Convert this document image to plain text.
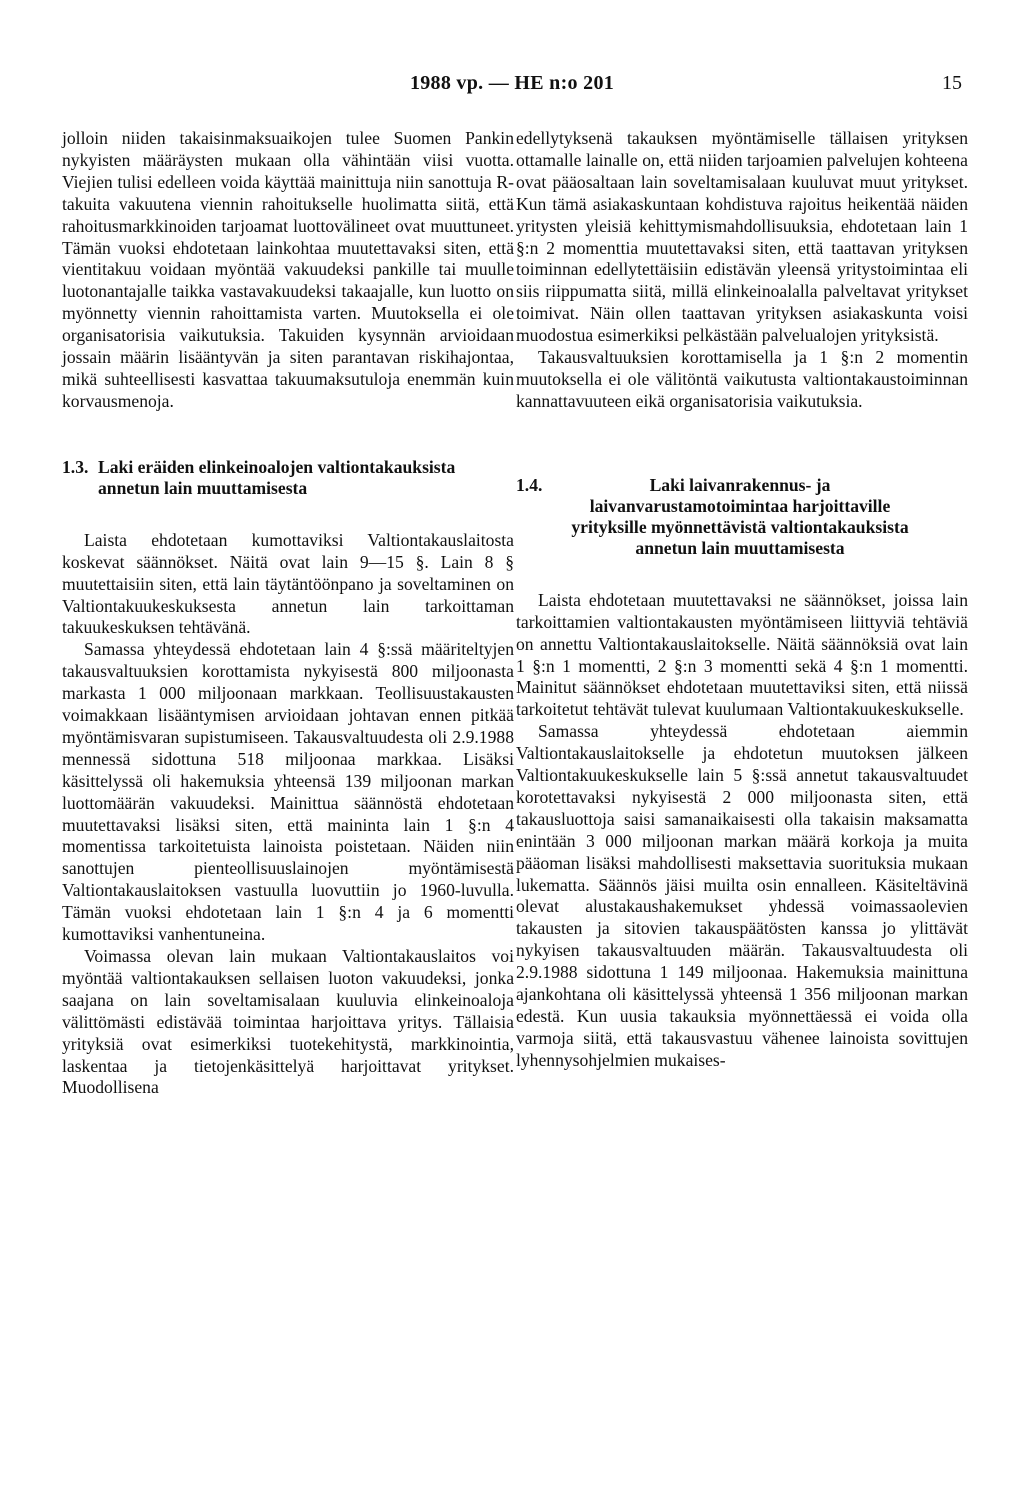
1988 vp. — HE n:o 201	15

jolloin niiden takaisinmaksuaikojen tulee Suomen Pankin nykyisten määräysten mukaan olla vähintään viisi vuotta. Viejien tulisi edelleen voida käyttää mainittuja niin sanottuja R-takuita vakuutena viennin rahoitukselle huolimatta siitä, että rahoitusmarkkinoiden tarjoamat luottovälineet ovat muuttuneet. Tämän vuoksi ehdotetaan lainkohtaa muutettavaksi siten, että vientitakuu voidaan myöntää vakuudeksi pankille tai muulle luotonantajalle taikka vastavakuudeksi takaajalle, kun luotto on myönnetty viennin rahoittamista varten. Muutoksella ei ole organisatorisia vaikutuksia. Takuiden kysynnän arvioidaan jossain määrin lisääntyvän ja siten parantavan riskihajontaa, mikä suhteellisesti kasvattaa takuumaksutuloja enemmän kuin korvausmenoja.

1.3. Laki eräiden elinkeinoalojen valtiontakauksista annetun lain muuttamisesta

Laista ehdotetaan kumottaviksi Valtiontakauslaitosta koskevat säännökset. Näitä ovat lain 9—15 §. Lain 8 § muutettaisiin siten, että lain täytäntöönpano ja soveltaminen on Valtiontakuukeskuksesta annetun lain tarkoittaman takuukeskuksen tehtävänä.

Samassa yhteydessä ehdotetaan lain 4 §:ssä määriteltyjen takausvaltuuksien korottamista nykyisestä 800 miljoonasta markasta 1 000 miljoonaan markkaan. Teollisuustakausten voimakkaan lisääntymisen arvioidaan johtavan ennen pitkää myöntämisvaran supistumiseen. Takausvaltuudesta oli 2.9.1988 mennessä sidottuna 518 miljoonaa markkaa. Lisäksi käsittelyssä oli hakemuksia yhteensä 139 miljoonan markan luottomäärän vakuudeksi. Mainittua säännöstä ehdotetaan muutettavaksi lisäksi siten, että maininta lain 1 §:n 4 momentissa tarkoitetuista lainoista poistetaan. Näiden niin sanottujen pienteollisuuslainojen myöntämisestä Valtiontakauslaitoksen vastuulla luovuttiin jo 1960-luvulla. Tämän vuoksi ehdotetaan lain 1 §:n 4 ja 6 momentti kumottaviksi vanhentuneina.

Voimassa olevan lain mukaan Valtiontakauslaitos voi myöntää valtiontakauksen sellaisen luoton vakuudeksi, jonka saajana on lain soveltamisalaan kuuluvia elinkeinoaloja välittömästi edistävää toimintaa harjoittava yritys. Tällaisia yrityksiä ovat esimerkiksi tuotekehitystä, markkinointia, laskentaa ja tietojenkäsittelyä harjoittavat yritykset. Muodollisena

edellytyksenä takauksen myöntämiselle tällaisen yrityksen ottamalle lainalle on, että niiden tarjoamien palvelujen kohteena ovat pääosaltaan lain soveltamisalaan kuuluvat muut yritykset. Kun tämä asiakaskuntaan kohdistuva rajoitus heikentää näiden yritysten yleisiä kehittymismahdollisuuksia, ehdotetaan lain 1 §:n 2 momenttia muutettavaksi siten, että taattavan yrityksen toiminnan edellytettäisiin edistävän yleensä yritystoimintaa eli siis riippumatta siitä, millä elinkeinoalalla palveltavat yritykset toimivat. Näin ollen taattavan yrityksen asiakaskunta voisi muodostua esimerkiksi pelkästään palvelualojen yrityksistä.

Takausvaltuuksien korottamisella ja 1 §:n 2 momentin muutoksella ei ole välitöntä vaikutusta valtiontakaustoiminnan kannattavuuteen eikä organisatorisia vaikutuksia.

1.4.	Laki laivanrakennus- ja laivanvarustamotoimintaa harjoittaville yrityksille myönnettävistä valtiontakauksista annetun lain muuttamisesta

Laista ehdotetaan muutettavaksi ne säännökset, joissa lain tarkoittamien valtiontakausten myöntämiseen liittyviä tehtäviä on annettu Valtiontakauslaitokselle. Näitä säännöksiä ovat lain 1 §:n 1 momentti, 2 §:n 3 momentti sekä 4 §:n 1 momentti. Mainitut säännökset ehdotetaan muutettaviksi siten, että niissä tarkoitetut tehtävät tulevat kuulumaan Valtiontakuukeskukselle.

Samassa yhteydessä ehdotetaan aiemmin Valtiontakauslaitokselle ja ehdotetun muutoksen jälkeen Valtiontakuukeskukselle lain 5 §:ssä annetut takausvaltuudet korotettavaksi nykyisestä 2 000 miljoonasta siten, että takausluottoja saisi samanaikaisesti olla takaisin maksamatta enintään 3 000 miljoonan markan määrä korkoja ja muita pääoman lisäksi mahdollisesti maksettavia suorituksia mukaan lukematta. Säännös jäisi muilta osin ennalleen. Käsiteltävinä olevat alustakaushakemukset yhdessä voimassaolevien takausten ja sitovien takauspäätösten kanssa jo ylittävät nykyisen takausvaltuuden määrän. Takausvaltuudesta oli 2.9.1988 sidottuna 1 149 miljoonaa. Hakemuksia mainittuna ajankohtana oli käsittelyssä yhteensä 1 356 miljoonan markan edestä. Kun uusia takauksia myönnettäessä ei voida olla varmoja siitä, että takausvastuu vähenee lainoista sovittujen lyhennysohjelmien mukaises-
